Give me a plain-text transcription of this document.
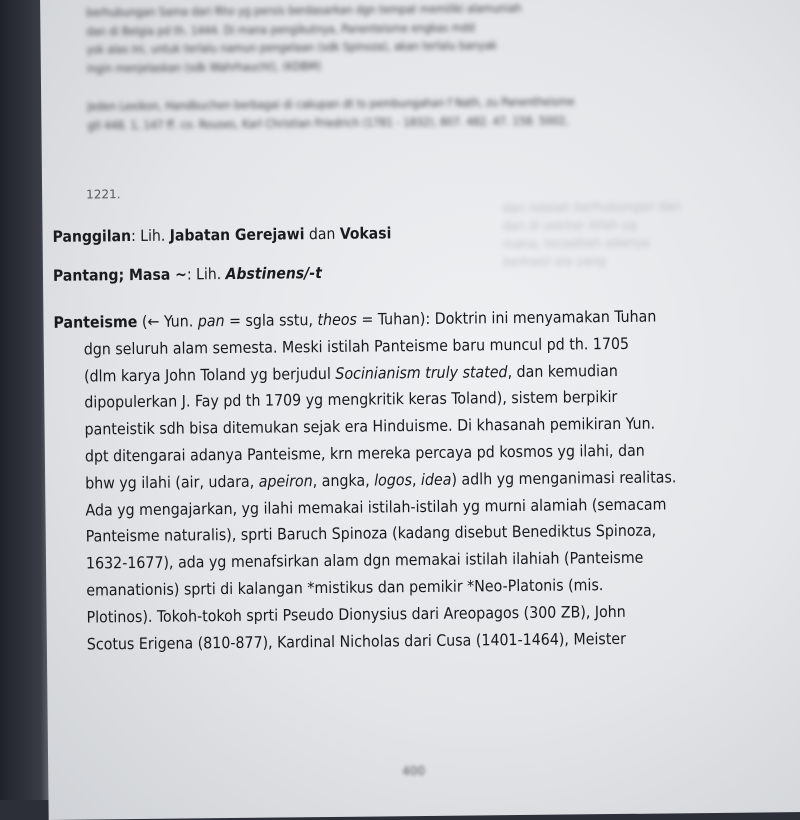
berhubungan Sama dari Rho yg persis berdasarkan dgn tempat memiliki alamuniah
dan di Belgia pd th. 1444. Di mana pengikutnya, Panenteisme engkas mdd
ysk alas Ini, untuk terlalu namun pengelaan (sdk Spinoza), akan terlalu banyak
ingin menjelaskan (sdk Wahrhaucht), (KDBM)
Jeden Lexikon, Handbuchen berbagai di cakupan dt ts pembungahan f Nath, zu Panentheisme
gtl 448. 1, 147 ff. co. Rouses, Karl Christian Friedrich (1781 - 1832), 807. 482. 47. 158. 5002,
1221.
dari Adalah berhubungan dan
dan di sekitar Allah yg
mana, terjadilah adanya
berhasil ala yang
Panggilan: Lih. Jabatan Gerejawi dan Vokasi
Pantang; Masa ~: Lih. Abstinens/-t
Panteisme (← Yun. pan = sgla sstu, theos = Tuhan): Doktrin ini menyamakan Tuhan
dgn seluruh alam semesta. Meski istilah Panteisme baru muncul pd th. 1705
(dlm karya John Toland yg berjudul Socinianism truly stated, dan kemudian
dipopulerkan J. Fay pd th 1709 yg mengkritik keras Toland), sistem berpikir
panteistik sdh bisa ditemukan sejak era Hinduisme. Di khasanah pemikiran Yun.
dpt ditengarai adanya Panteisme, krn mereka percaya pd kosmos yg ilahi, dan
bhw yg ilahi (air, udara, apeiron, angka, logos, idea) adlh yg menganimasi realitas.
Ada yg mengajarkan, yg ilahi memakai istilah-istilah yg murni alamiah (semacam
Panteisme naturalis), sprti Baruch Spinoza (kadang disebut Benediktus Spinoza,
1632-1677), ada yg menafsirkan alam dgn memakai istilah ilahiah (Panteisme
emanationis) sprti di kalangan *mistikus dan pemikir *Neo-Platonis (mis.
Plotinos). Tokoh-tokoh sprti Pseudo Dionysius dari Areopagos (300 ZB), John
Scotus Erigena (810-877), Kardinal Nicholas dari Cusa (1401-1464), Meister
400
